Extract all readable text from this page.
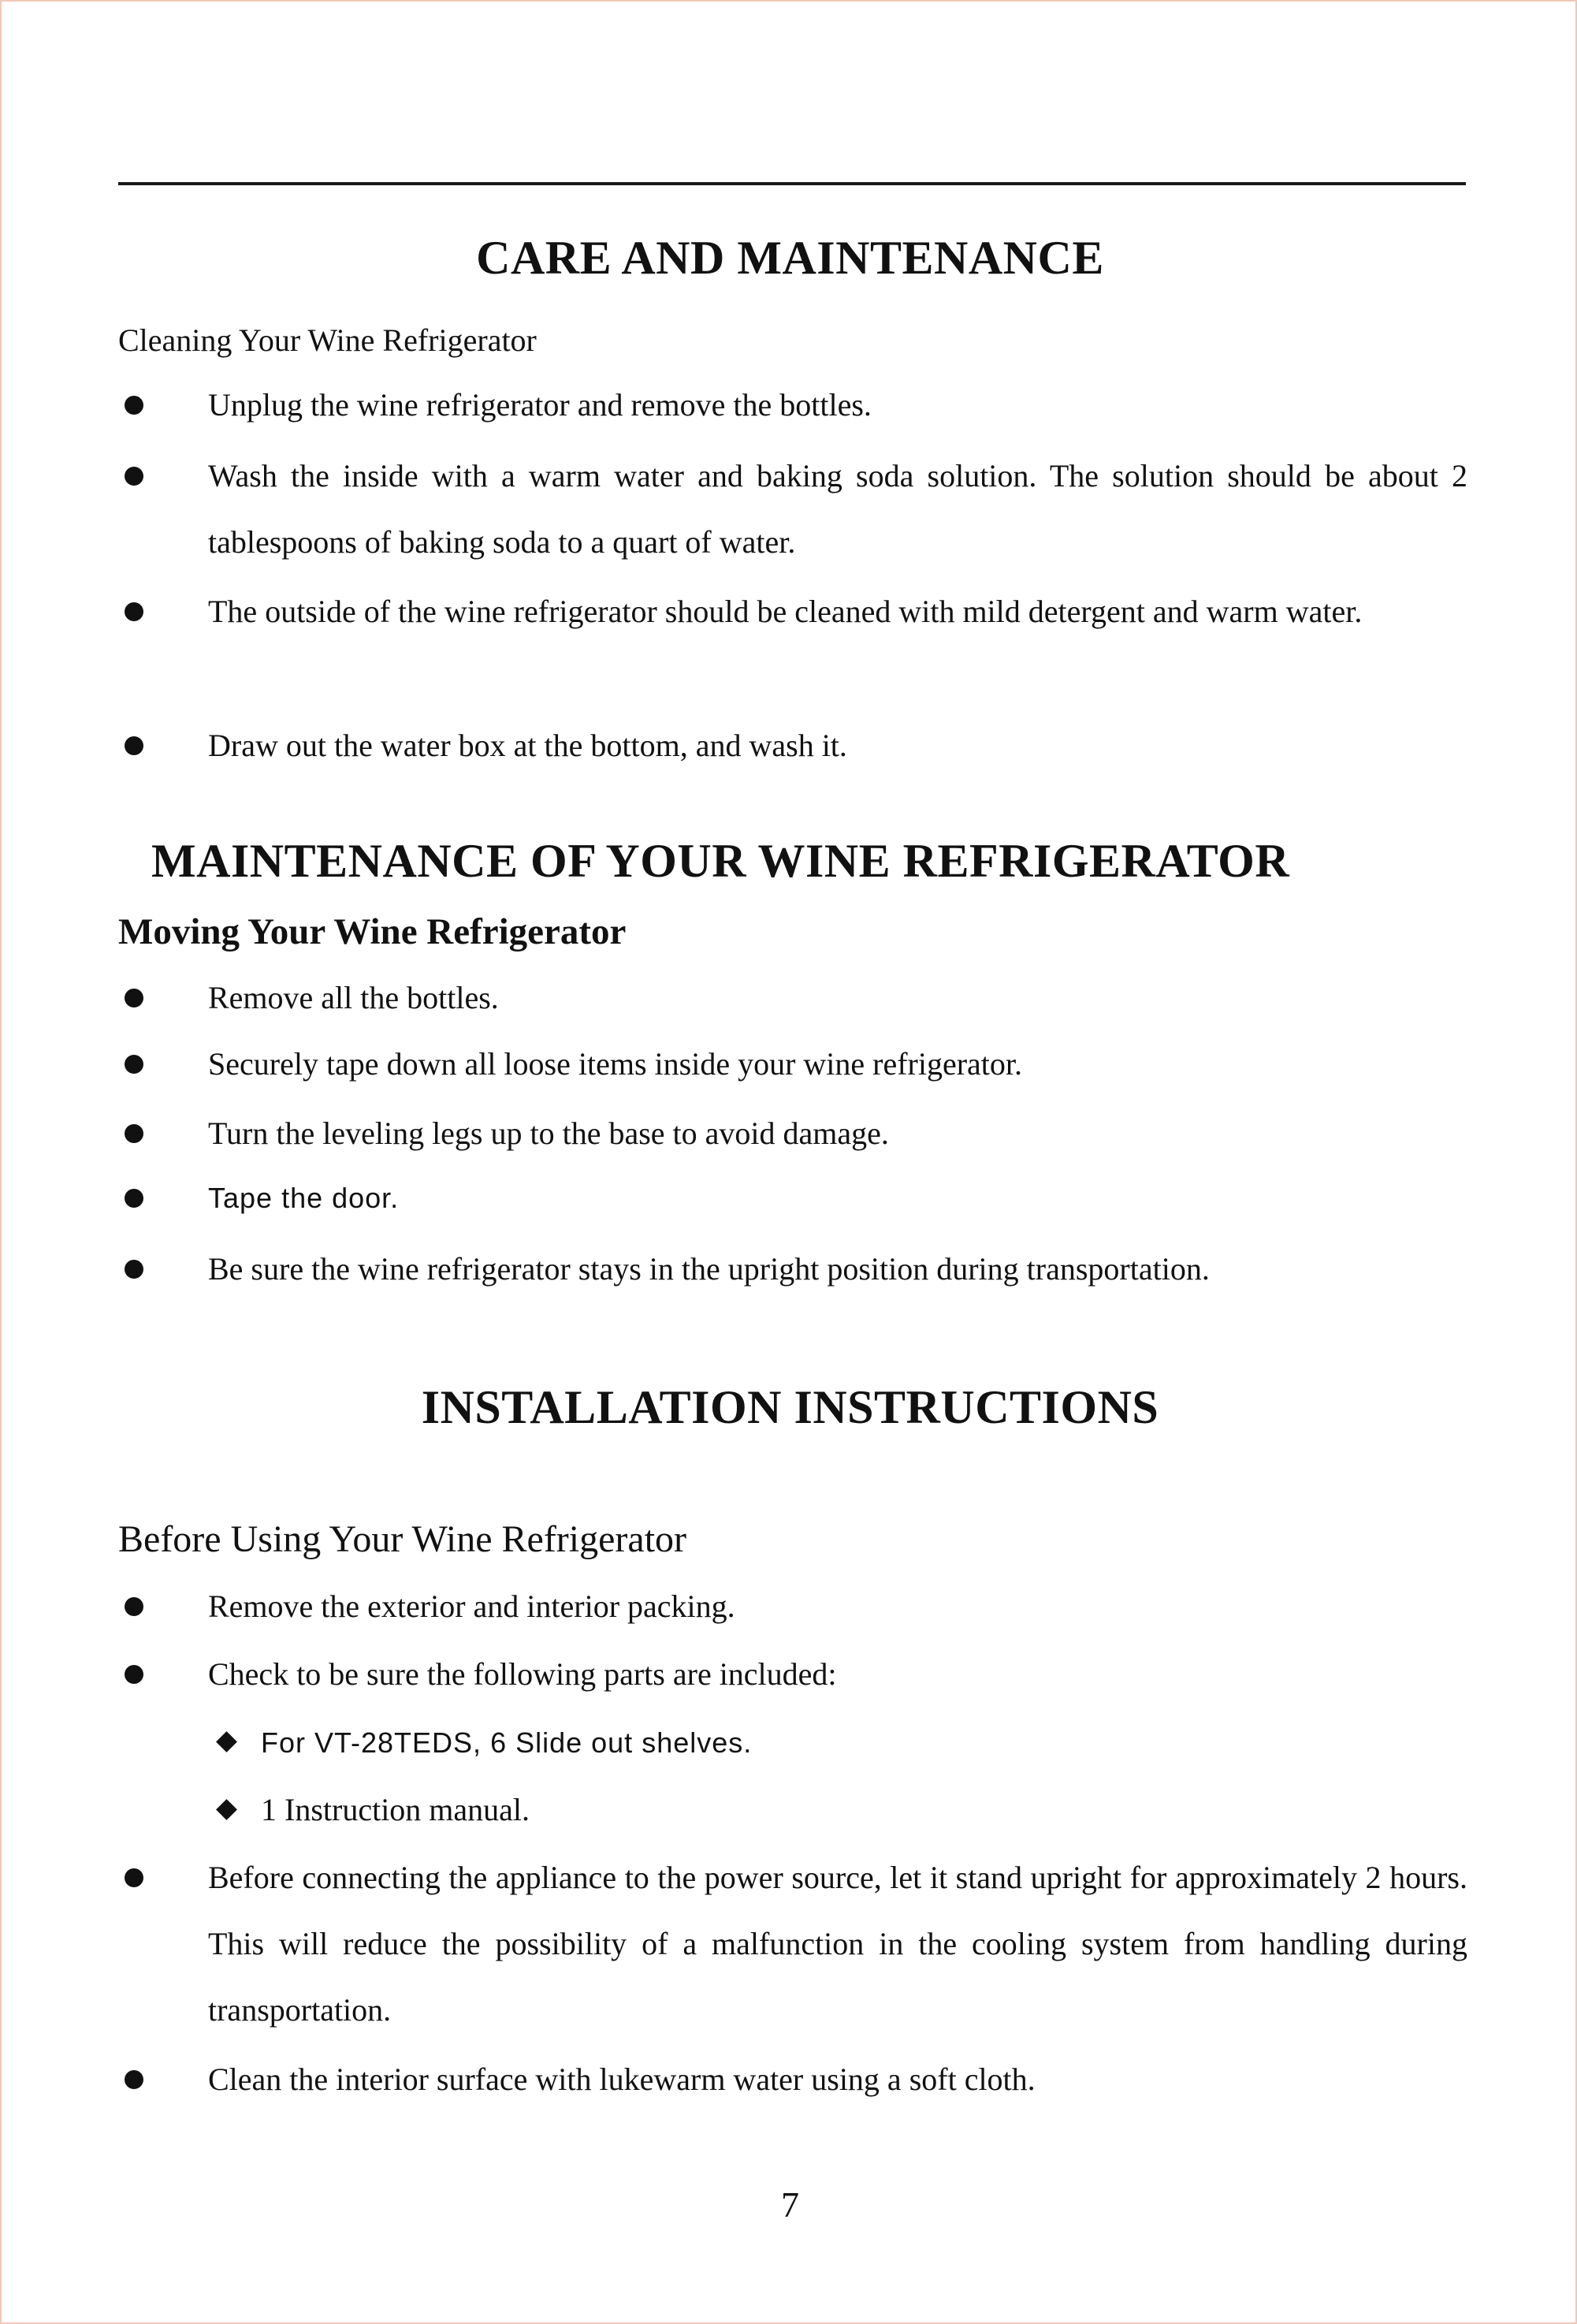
CARE AND MAINTENANCE

Cleaning Your Wine Refrigerator

Unplug the wine refrigerator and remove the bottles.
Wash the inside with a warm water and baking soda solution. The solution should be about 2 tablespoons of baking soda to a quart of water.
The outside of the wine refrigerator should be cleaned with mild detergent and warm water.
Draw out the water box at the bottom, and wash it.
MAINTENANCE OF YOUR WINE REFRIGERATOR

Moving Your Wine Refrigerator

Remove all the bottles.
Securely tape down all loose items inside your wine refrigerator.
Turn the leveling legs up to the base to avoid damage.
Tape the door.
Be sure the wine refrigerator stays in the upright position during transportation.
INSTALLATION INSTRUCTIONS

Before Using Your Wine Refrigerator

Remove the exterior and interior packing.
Check to be sure the following parts are included:

For VT-28TEDS, 6 Slide out shelves.

1 Instruction manual.

Before connecting the appliance to the power source, let it stand upright for approximately 2 hours. This will reduce the possibility of a malfunction in the cooling system from handling during transportation.
Clean the interior surface with lukewarm water using a soft cloth.

7
